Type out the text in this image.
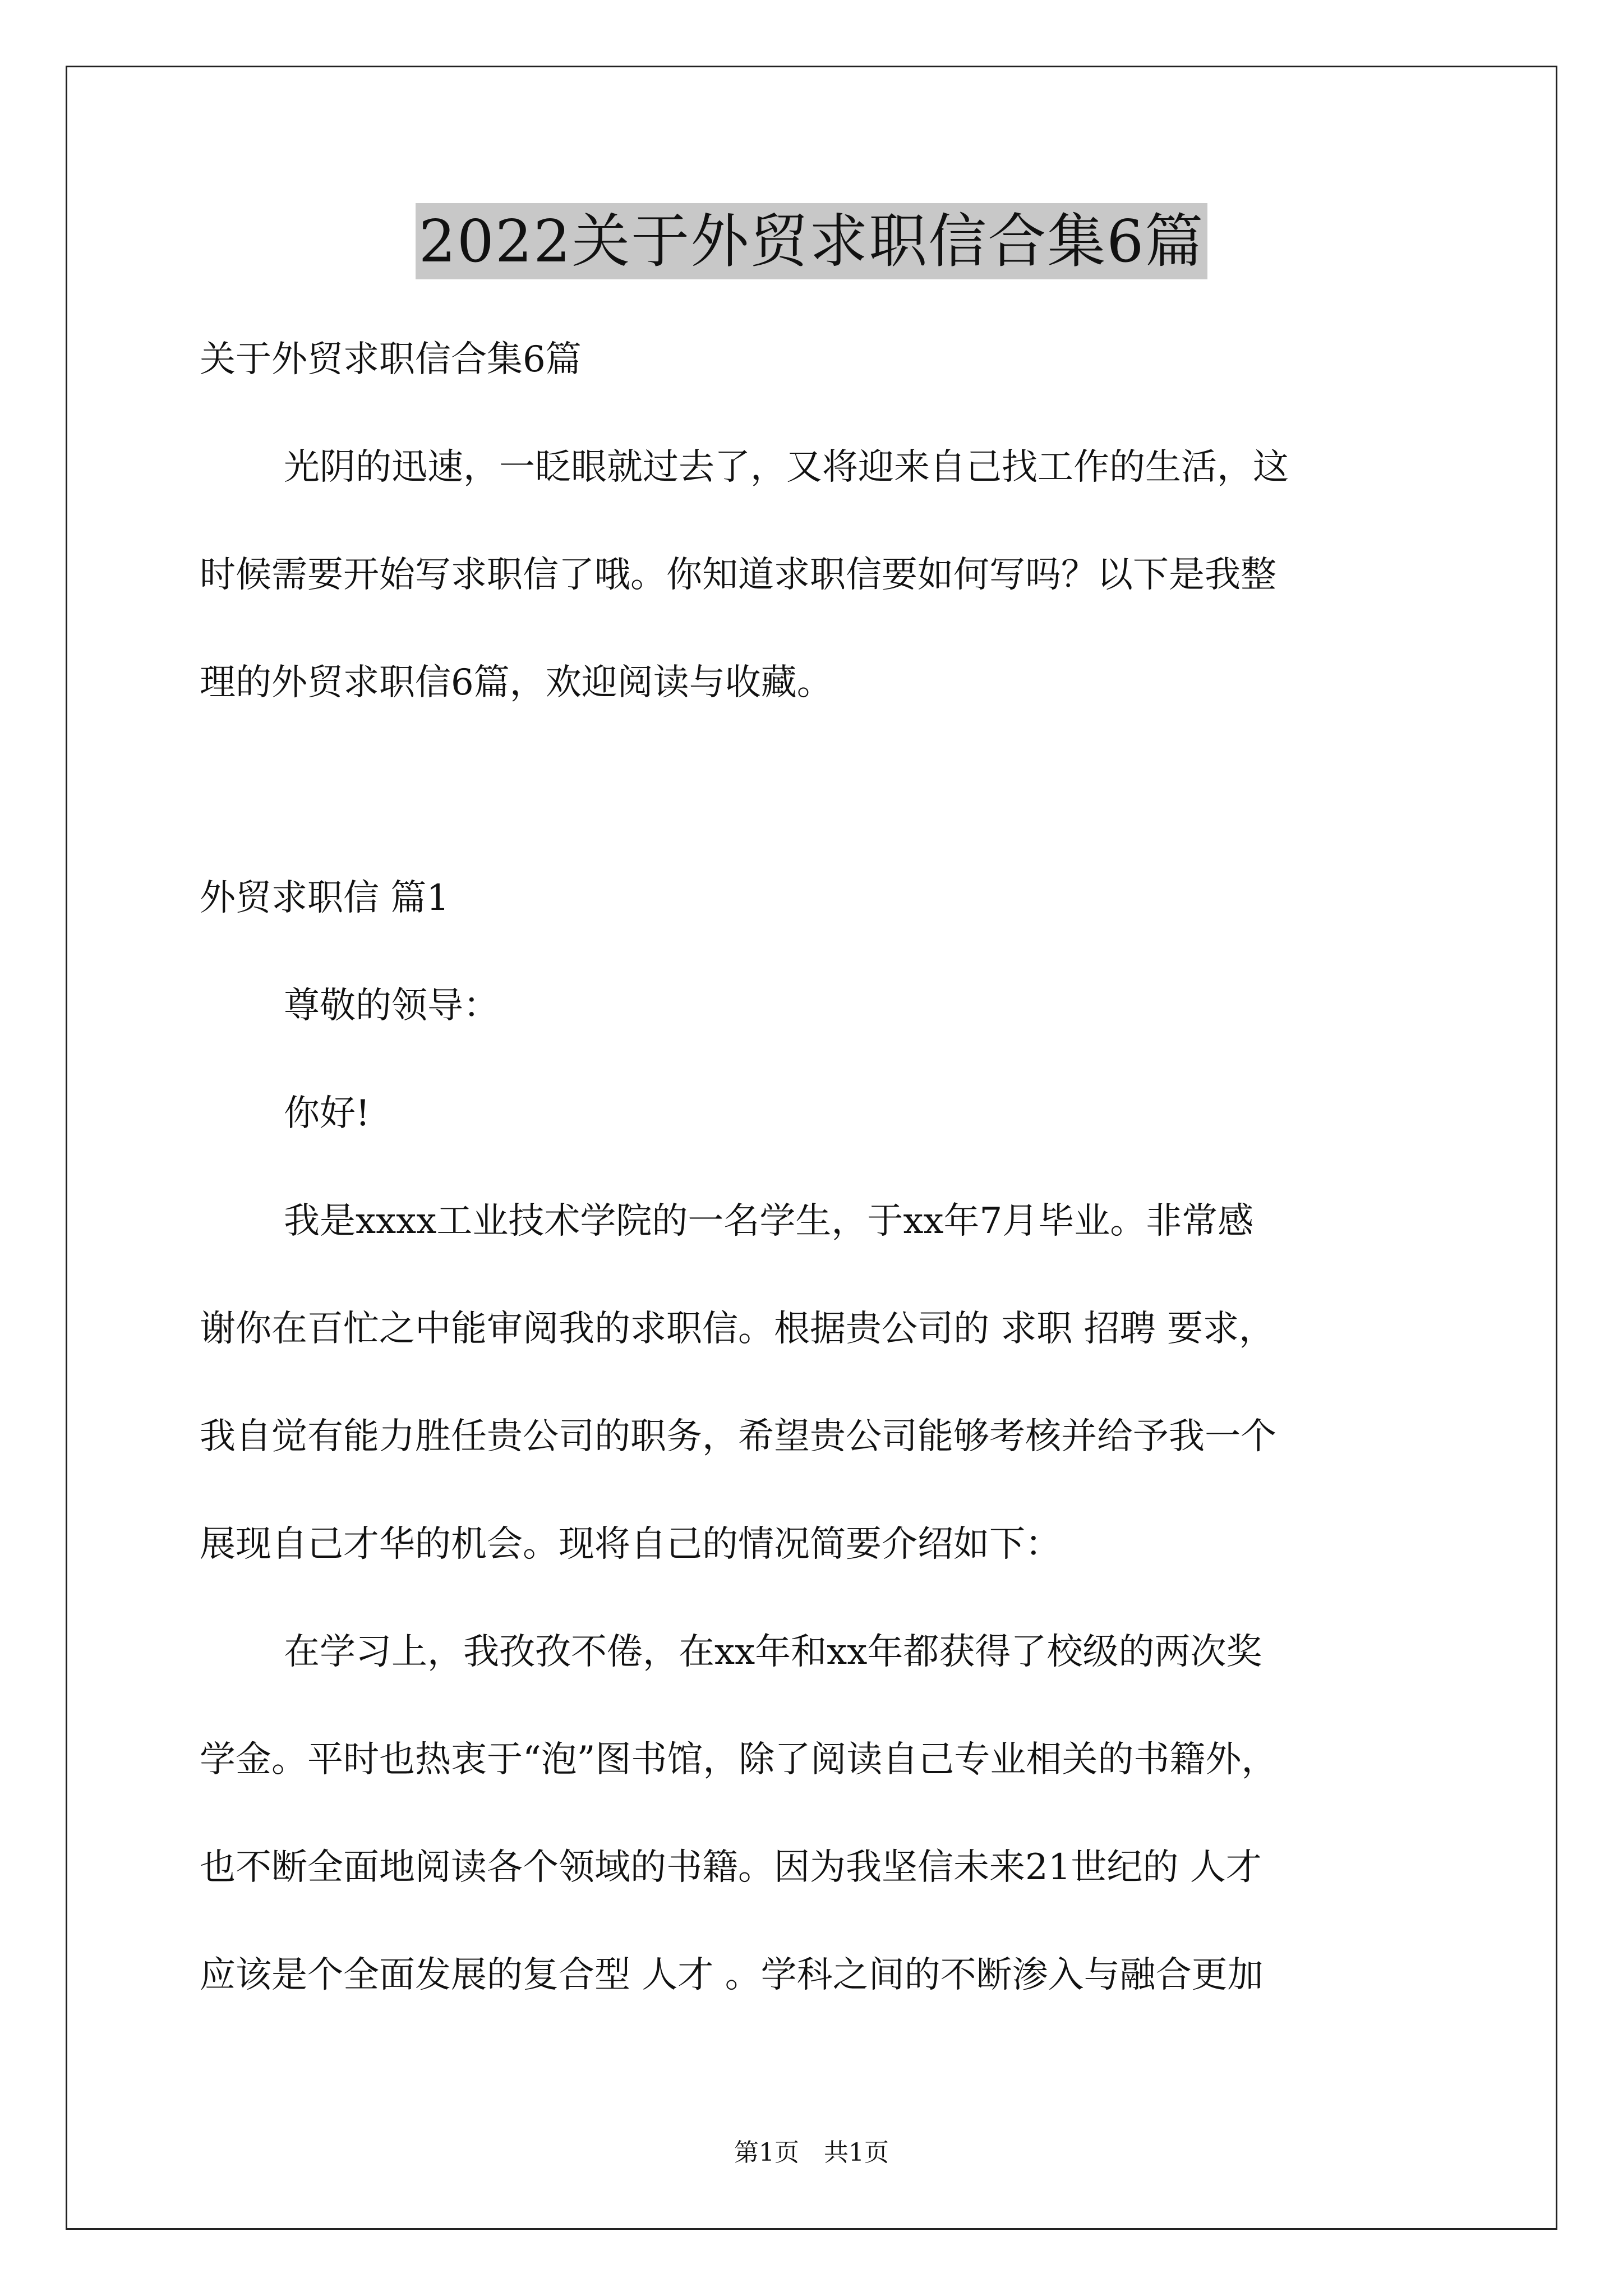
2022关于外贸求职信合集6篇

关于外贸求职信合集6篇

光阴的迅速，一眨眼就过去了，又将迎来自己找工作的生活，这

时候需要开始写求职信了哦。你知道求职信要如何写吗？以下是我整

理的外贸求职信6篇，欢迎阅读与收藏。

外贸求职信 篇1

尊敬的领导：

你好!

我是xxxx工业技术学院的一名学生，于xx年7月毕业。非常感

谢你在百忙之中能审阅我的求职信。根据贵公司的 求职 招聘 要求，

我自觉有能力胜任贵公司的职务，希望贵公司能够考核并给予我一个

展现自己才华的机会。现将自己的情况简要介绍如下：

在学习上，我孜孜不倦，在xx年和xx年都获得了校级的两次奖

学金。平时也热衷于“泡”图书馆，除了阅读自己专业相关的书籍外，

也不断全面地阅读各个领域的书籍。因为我坚信未来21世纪的 人才

应该是个全面发展的复合型 人才 。学科之间的不断渗入与融合更加

第1页 共1页
